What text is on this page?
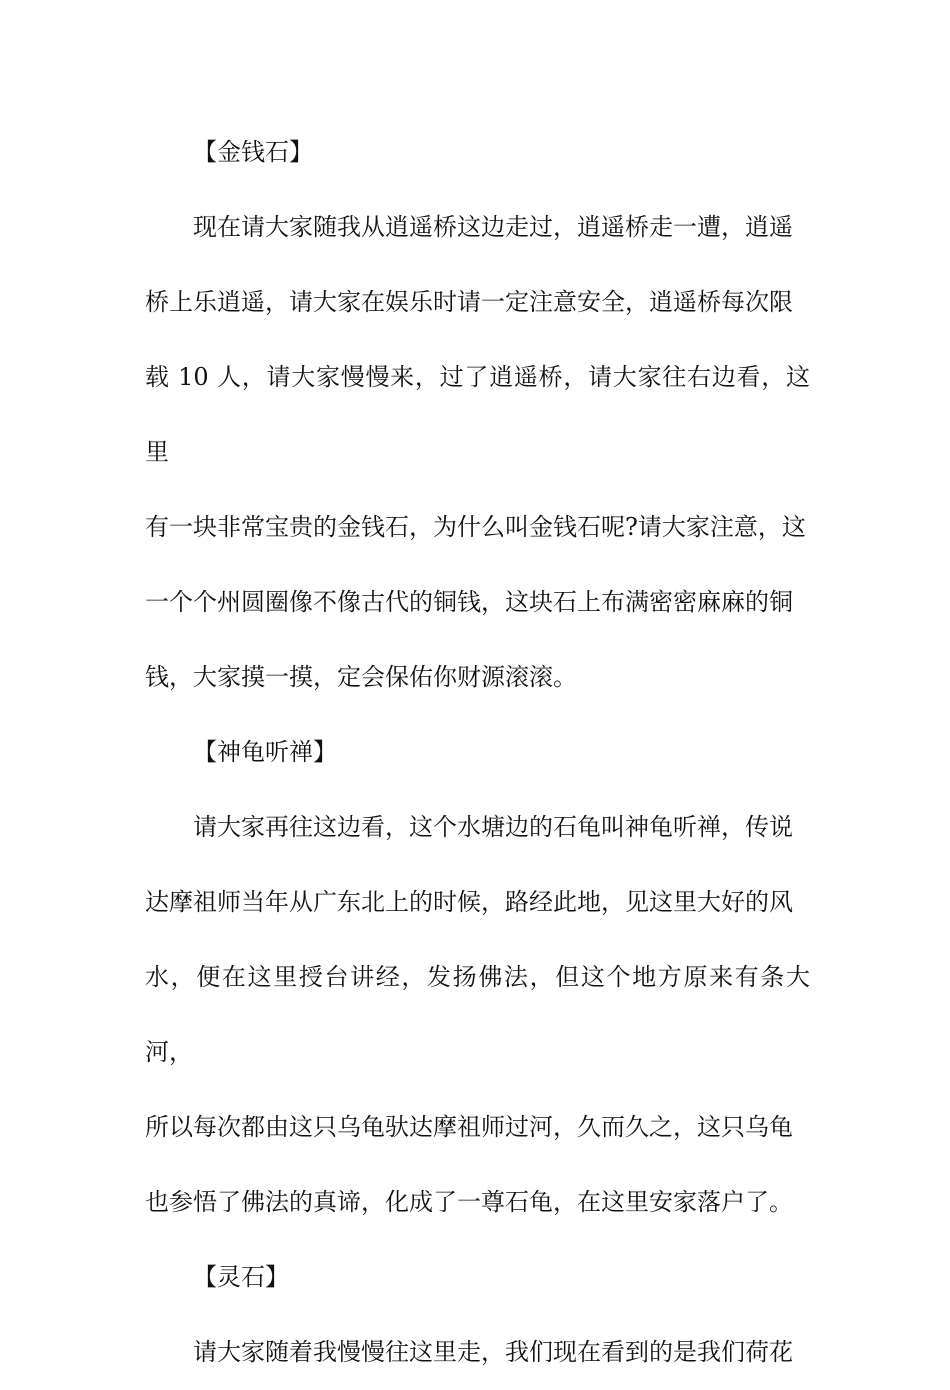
【金钱石】
现在请大家随我从逍遥桥这边走过，逍遥桥走一遭，逍遥
桥上乐逍遥，请大家在娱乐时请一定注意安全，逍遥桥每次限
载 10 人，请大家慢慢来，过了逍遥桥，请大家往右边看，这里
有一块非常宝贵的金钱石，为什么叫金钱石呢?请大家注意，这
一个个州圆圈像不像古代的铜钱，这块石上布满密密麻麻的铜
钱，大家摸一摸，定会保佑你财源滚滚。
【神龟听禅】
请大家再往这边看，这个水塘边的石龟叫神龟听禅，传说
达摩祖师当年从广东北上的时候，路经此地，见这里大好的风
水，便在这里授台讲经，发扬佛法，但这个地方原来有条大河，
所以每次都由这只乌龟驮达摩祖师过河，久而久之，这只乌龟
也参悟了佛法的真谛，化成了一尊石龟，在这里安家落户了。
【灵石】
请大家随着我慢慢往这里走，我们现在看到的是我们荷花
